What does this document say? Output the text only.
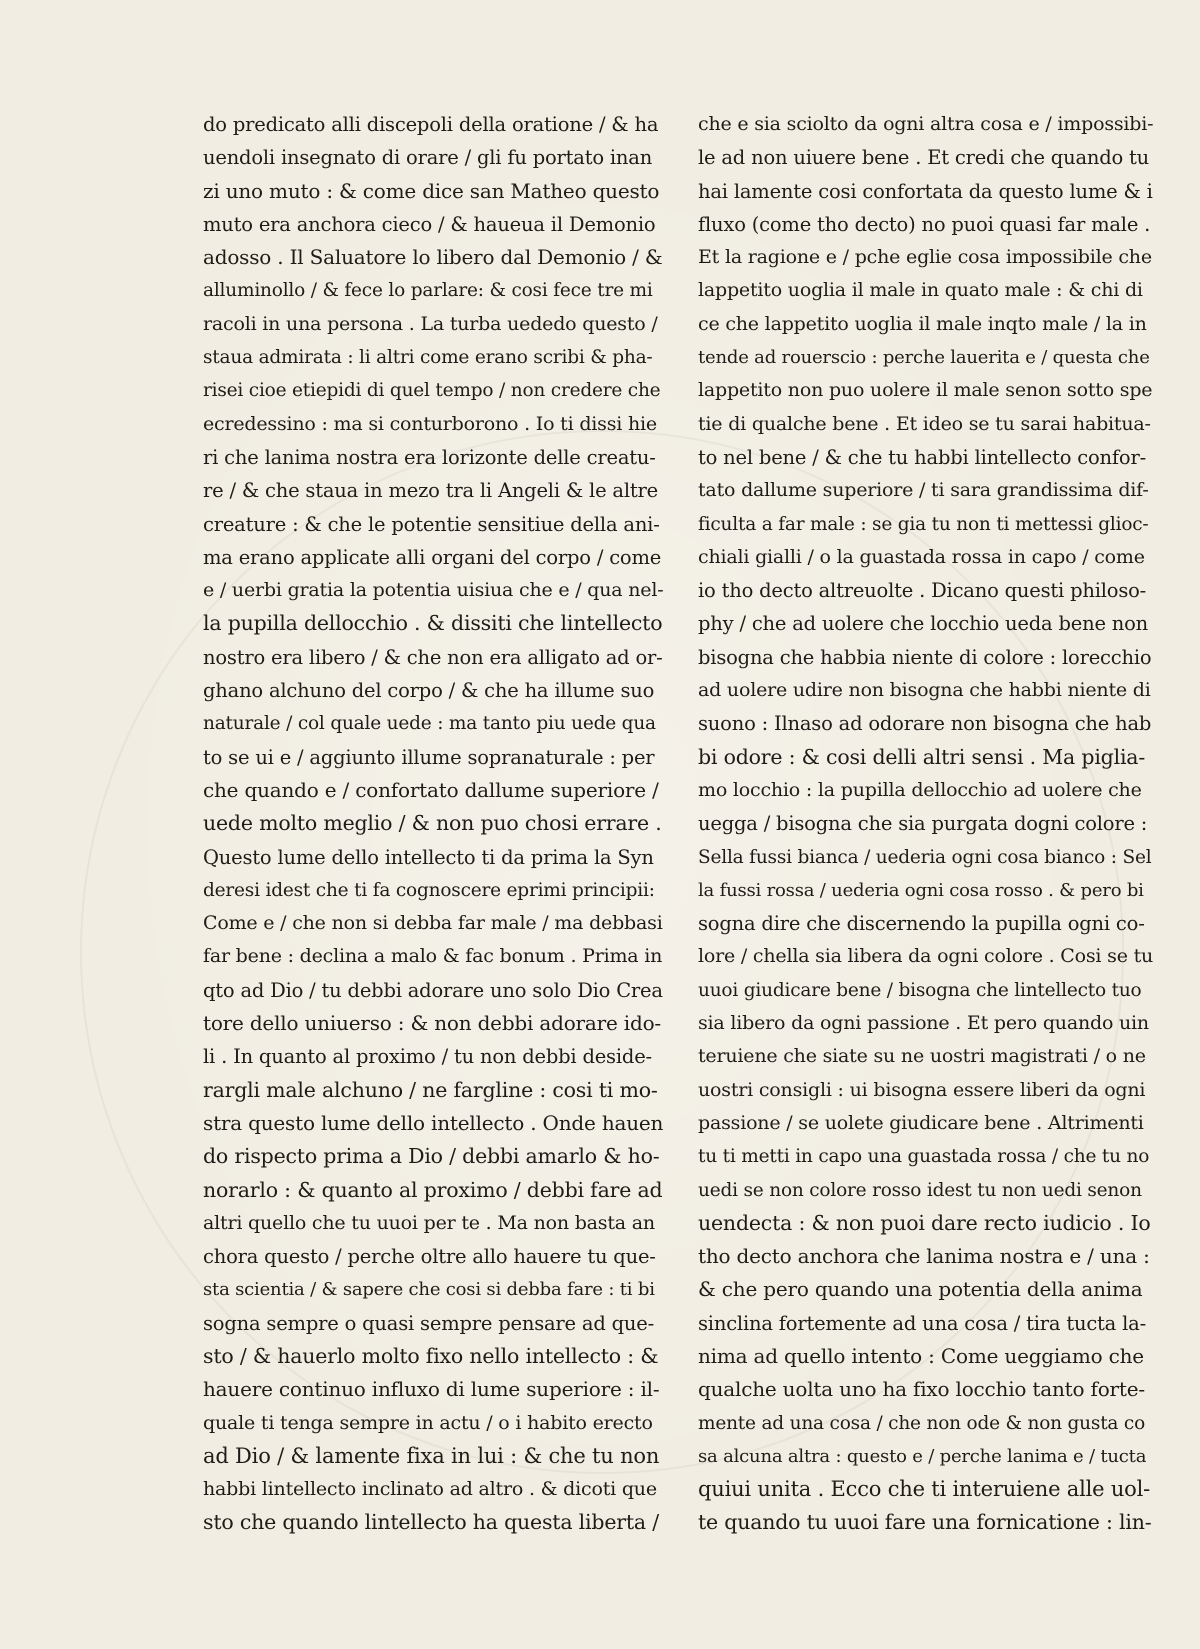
do predicato alli discepoli della oratione / & ha
uendoli insegnato di orare / gli fu portato inan
zi uno muto : & come dice san Matheo questo
muto era anchora cieco / & haueua il Demonio
adosso . Il Saluatore lo libero dal Demonio / &
alluminollo / & fece lo parlare: & cosi fece tre mi
racoli in una persona . La turba uededo questo /
staua admirata : li altri come erano scribi & pha-
risei cioe etiepidi di quel tempo / non credere che
ecredessino : ma si conturborono . Io ti dissi hie
ri che lanima nostra era lorizonte delle creatu-
re / & che staua in mezo tra li Angeli & le altre
creature : & che le potentie sensitiue della ani-
ma erano applicate alli organi del corpo / come
e / uerbi gratia la potentia uisiua che e / qua nel-
la pupilla dellocchio . & dissiti che lintellecto
nostro era libero / & che non era alligato ad or-
ghano alchuno del corpo / & che ha illume suo
naturale / col quale uede : ma tanto piu uede qua
to se ui e / aggiunto illume sopranaturale : per
che quando e / confortato dallume superiore /
uede molto meglio / & non puo chosi errare .
Questo lume dello intellecto ti da prima la Syn
deresi idest che ti fa cognoscere eprimi principii:
Come e / che non si debba far male / ma debbasi
far bene : declina a malo & fac bonum . Prima in
qto ad Dio / tu debbi adorare uno solo Dio Crea
tore dello uniuerso : & non debbi adorare ido-
li . In quanto al proximo / tu non debbi deside-
rargli male alchuno / ne fargline : cosi ti mo-
stra questo lume dello intellecto . Onde hauen
do rispecto prima a Dio / debbi amarlo & ho-
norarlo : & quanto al proximo / debbi fare ad
altri quello che tu uuoi per te . Ma non basta an
chora questo / perche oltre allo hauere tu que-
sta scientia / & sapere che cosi si debba fare : ti bi
sogna sempre o quasi sempre pensare ad que-
sto / & hauerlo molto fixo nello intellecto : &
hauere continuo influxo di lume superiore : il-
quale ti tenga sempre in actu / o i habito erecto
ad Dio / & lamente fixa in lui : & che tu non
habbi lintellecto inclinato ad altro . & dicoti que
sto che quando lintellecto ha questa liberta /
che e sia sciolto da ogni altra cosa e / impossibi-
le ad non uiuere bene . Et credi che quando tu
hai lamente cosi confortata da questo lume & i
fluxo (come tho decto) no puoi quasi far male .
Et la ragione e / pche eglie cosa impossibile che
lappetito uoglia il male in quato male : & chi di
ce che lappetito uoglia il male inqto male / la in
tende ad rouerscio : perche lauerita e / questa che
lappetito non puo uolere il male senon sotto spe
tie di qualche bene . Et ideo se tu sarai habitua-
to nel bene / & che tu habbi lintellecto confor-
tato dallume superiore / ti sara grandissima dif-
ficulta a far male : se gia tu non ti mettessi glioc-
chiali gialli / o la guastada rossa in capo / come
io tho decto altreuolte . Dicano questi philoso-
phy / che ad uolere che locchio ueda bene non
bisogna che habbia niente di colore : lorecchio
ad uolere udire non bisogna che habbi niente di
suono : Ilnaso ad odorare non bisogna che hab
bi odore : & cosi delli altri sensi . Ma piglia-
mo locchio : la pupilla dellocchio ad uolere che
uegga / bisogna che sia purgata dogni colore :
Sella fussi bianca / uederia ogni cosa bianco : Sel
la fussi rossa / uederia ogni cosa rosso . & pero bi
sogna dire che discernendo la pupilla ogni co-
lore / chella sia libera da ogni colore . Cosi se tu
uuoi giudicare bene / bisogna che lintellecto tuo
sia libero da ogni passione . Et pero quando uin
teruiene che siate su ne uostri magistrati / o ne
uostri consigli : ui bisogna essere liberi da ogni
passione / se uolete giudicare bene . Altrimenti
tu ti metti in capo una guastada rossa / che tu no
uedi se non colore rosso idest tu non uedi senon
uendecta : & non puoi dare recto iudicio . Io
tho decto anchora che lanima nostra e / una :
& che pero quando una potentia della anima
sinclina fortemente ad una cosa / tira tucta la-
nima ad quello intento : Come ueggiamo che
qualche uolta uno ha fixo locchio tanto forte-
mente ad una cosa / che non ode & non gusta co
sa alcuna altra : questo e / perche lanima e / tucta
quiui unita . Ecco che ti interuiene alle uol-
te quando tu uuoi fare una fornicatione : lin-
